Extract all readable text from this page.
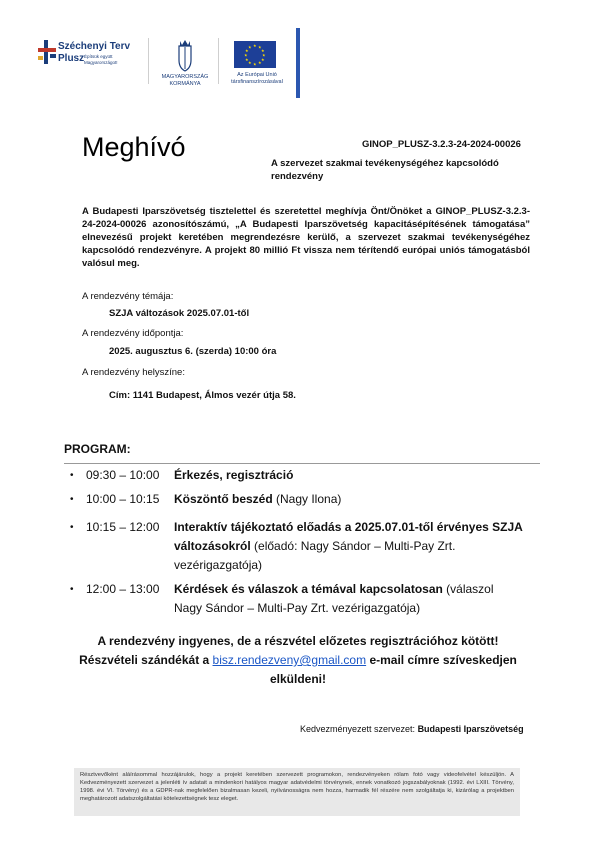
Széchenyi Terv
Plusz Építsük együtt Magyarországot!
MAGYARORSZÁG
KORMÁNYA
★ ★
★
★
★
★
★
★
★
★
★
★
Az Európai Unió
társfinanszírozásával
Meghívó	GINOP_PLUSZ-3.2.3-24-2024-00026
A szervezet szakmai tevékenységéhez kapcsolódó rendezvény
A Budapesti Iparszövetség tisztelettel és szeretettel meghívja Önt/Önöket a GINOP_PLUSZ-3.2.3-24-2024-00026 azonosítószámú, „A Budapesti Iparszövetség kapacitásépítésének támogatása” elnevezésű projekt keretében megrendezésre kerülő, a szervezet szakmai tevékenységéhez kapcsolódó rendezvényre. A projekt 80 millió Ft vissza nem térítendő európai uniós támogatásból valósul meg.
A rendezvény témája:
SZJA változások 2025.07.01-től
A rendezvény időpontja:
2025. augusztus 6. (szerda) 10:00 óra
A rendezvény helyszíne:
Cím: 1141 Budapest, Álmos vezér útja 58.
PROGRAM:
• 09:30 – 10:00 Érkezés, regisztráció
• 10:00 – 10:15 Köszöntő beszéd (Nagy Ilona)
• 10:15 – 12:00 Interaktív tájékoztató előadás a 2025.07.01-től érvényes SZJA változásokról (előadó: Nagy Sándor – Multi-Pay Zrt. vezérigazgatója)
• 12:00 – 13:00 Kérdések és válaszok a témával kapcsolatosan (válaszol Nagy Sándor – Multi-Pay Zrt. vezérigazgatója)
A rendezvény ingyenes, de a részvétel előzetes regisztrációhoz kötött!
Részvételi szándékát a bisz.rendezveny@gmail.com e-mail címre szíveskedjen elküldeni!
Kedvezményezett szervezet: Budapesti Iparszövetség
Résztvevőként aláírásommal hozzájárulok, hogy a projekt keretében szervezett programokon, rendezvényeken rólam fotó vagy videofelvétel készüljön. A Kedvezményezett szervezet a jelenléti ív adatait a mindenkori hatályos magyar adatvédelmi törvénynek, ennek vonatkozó jogszabályoknak (1992. évi LXIII. Törvény, 1998. évi VI. Törvény) és a GDPR-nak megfelelően bizalmasan kezeli, nyilvánosságra nem hozza, harmadik fél részére nem szolgáltatja ki, kizárólag a projektben meghatározott adatszolgáltatási kötelezettségnek tesz eleget.
